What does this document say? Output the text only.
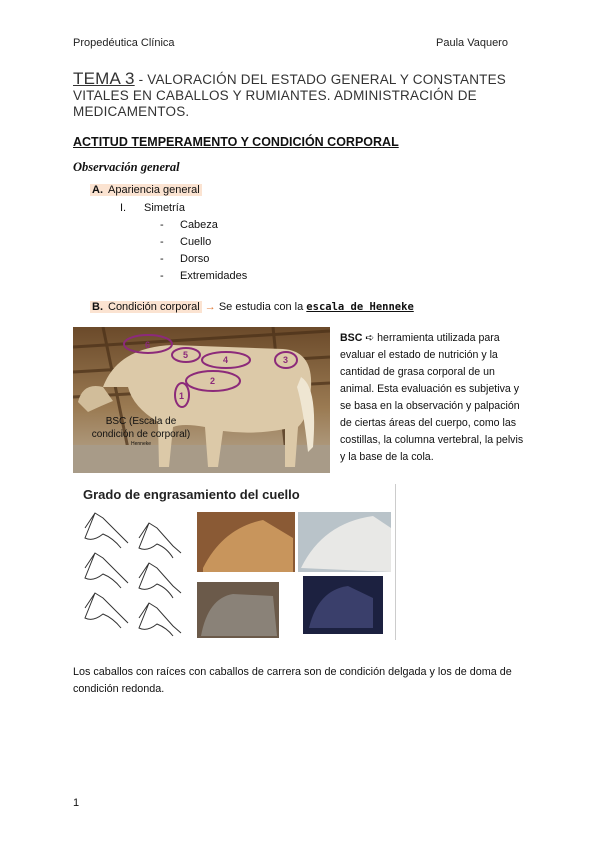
Propedéutica Clínica	Paula Vaquero
TEMA 3 - VALORACIÓN DEL ESTADO GENERAL Y CONSTANTES VITALES EN CABALLOS Y RUMIANTES. ADMINISTRACIÓN DE MEDICAMENTOS.
ACTITUD TEMPERAMENTO Y CONDICIÓN CORPORAL
Observación general
A. Apariencia general
I. Simetría
- Cabeza
- Cuello
- Dorso
- Extremidades
B. Condición corporal → Se estudia con la escala de Henneke
6
5	4	3
2
1
BSC (Escala de condición de corporal)
Henneke
BSC ➪ herramienta utilizada para evaluar el estado de nutrición y la cantidad de grasa corporal de un animal. Esta evaluación es subjetiva y se basa en la observación y palpación de ciertas áreas del cuerpo, como las costillas, la columna vertebral, la pelvis y la base de la cola.
Grado de engrasamiento del cuello
Los caballos con raíces con caballos de carrera son de condición delgada y los de doma de condición redonda.
1
